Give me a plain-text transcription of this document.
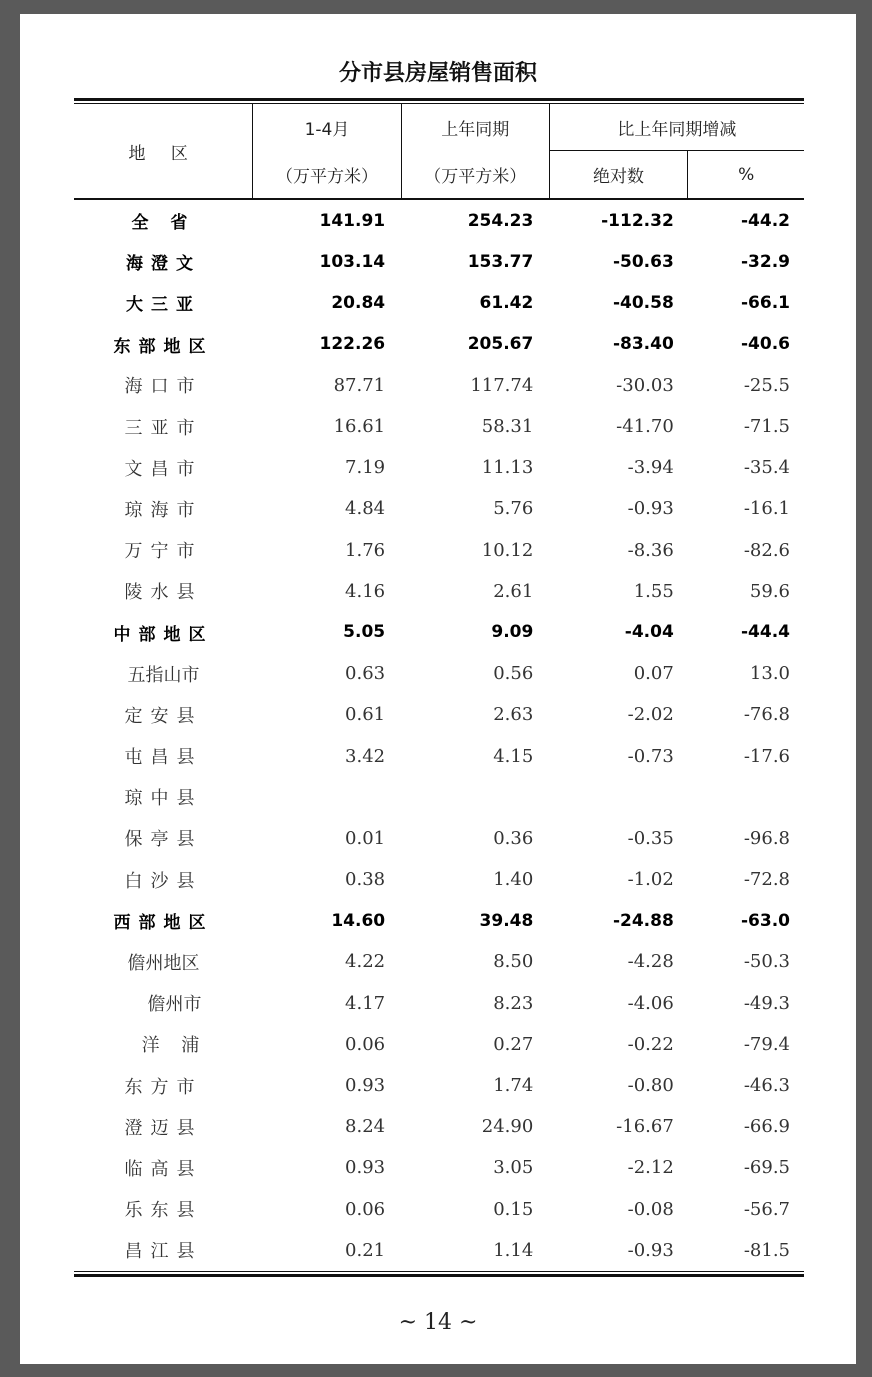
分市县房屋销售面积
地 区	1-4月	上年同期	比上年同期增减	
	（万平方米）	（万平方米）	绝对数	%
全 省	141.91	254.23	-112.32	-44.2
海澄文	103.14	153.77	-50.63	-32.9
大三亚	20.84	61.42	-40.58	-66.1
东部地区	122.26	205.67	-83.40	-40.6
海口市	87.71	117.74	-30.03	-25.5
三亚市	16.61	58.31	-41.70	-71.5
文昌市	7.19	11.13	-3.94	-35.4
琼海市	4.84	5.76	-0.93	-16.1
万宁市	1.76	10.12	-8.36	-82.6
陵水县	4.16	2.61	1.55	59.6
中部地区	5.05	9.09	-4.04	-44.4
五指山市	0.63	0.56	0.07	13.0
定安县	0.61	2.63	-2.02	-76.8
屯昌县	3.42	4.15	-0.73	-17.6
琼中县				
保亭县	0.01	0.36	-0.35	-96.8
白沙县	0.38	1.40	-1.02	-72.8
西部地区	14.60	39.48	-24.88	-63.0
儋州地区	4.22	8.50	-4.28	-50.3
儋州市	4.17	8.23	-4.06	-49.3
洋 浦	0.06	0.27	-0.22	-79.4
东方市	0.93	1.74	-0.80	-46.3
澄迈县	8.24	24.90	-16.67	-66.9
临高县	0.93	3.05	-2.12	-69.5
乐东县	0.06	0.15	-0.08	-56.7
昌江县	0.21	1.14	-0.93	-81.5
~ 14 ~
